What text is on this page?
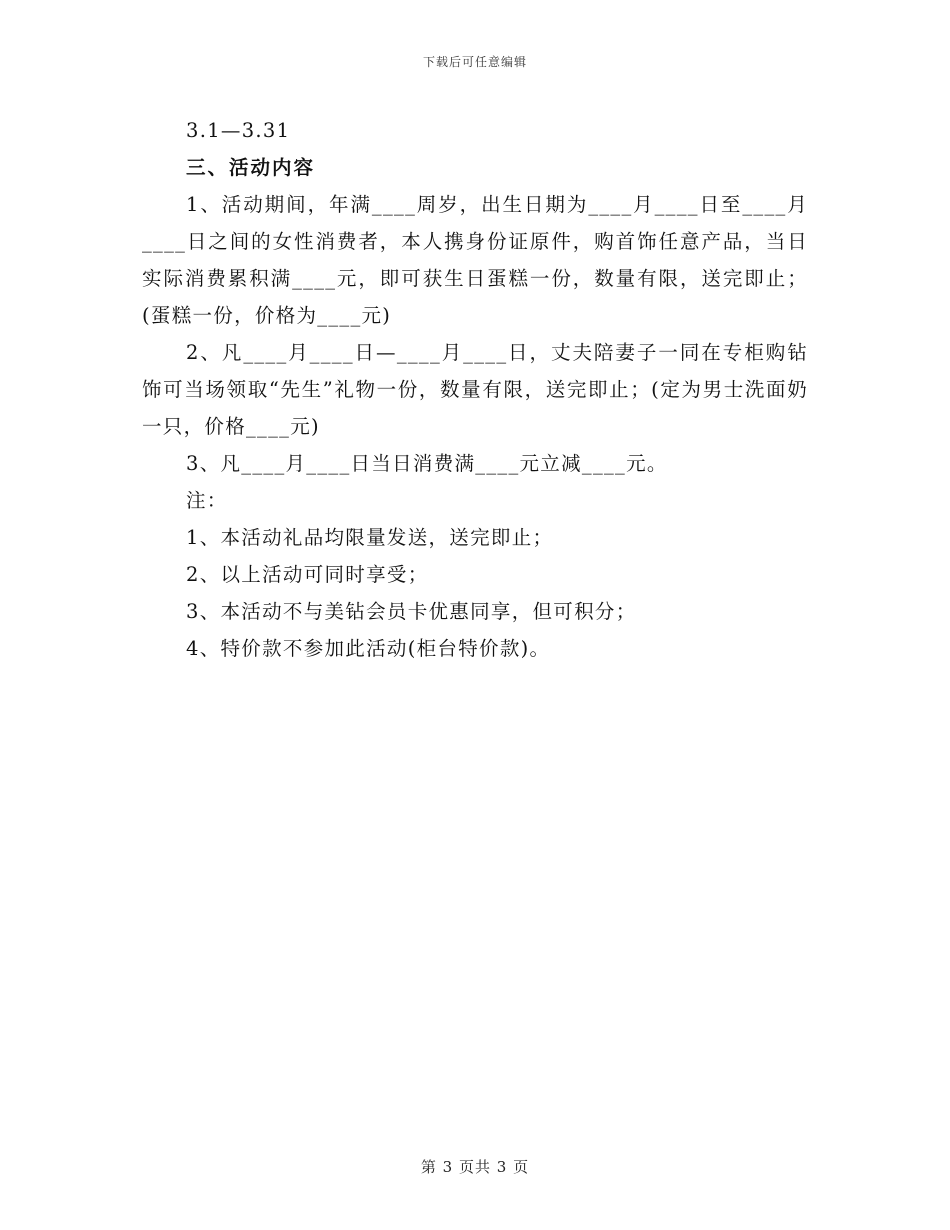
下载后可任意编辑

3.1—3.31

三、活动内容

1、活动期间，年满____周岁，出生日期为____月____日至____月____日之间的女性消费者，本人携身份证原件，购首饰任意产品，当日实际消费累积满____元，即可获生日蛋糕一份，数量有限，送完即止；(蛋糕一份，价格为____元)

2、凡____月____日—____月____日，丈夫陪妻子一同在专柜购钻饰可当场领取“先生”礼物一份，数量有限，送完即止；(定为男士洗面奶一只，价格____元)

3、凡____月____日当日消费满____元立减____元。

注：

1、本活动礼品均限量发送，送完即止；

2、以上活动可同时享受；

3、本活动不与美钻会员卡优惠同享，但可积分；

4、特价款不参加此活动(柜台特价款)。

第 3 页共 3 页
